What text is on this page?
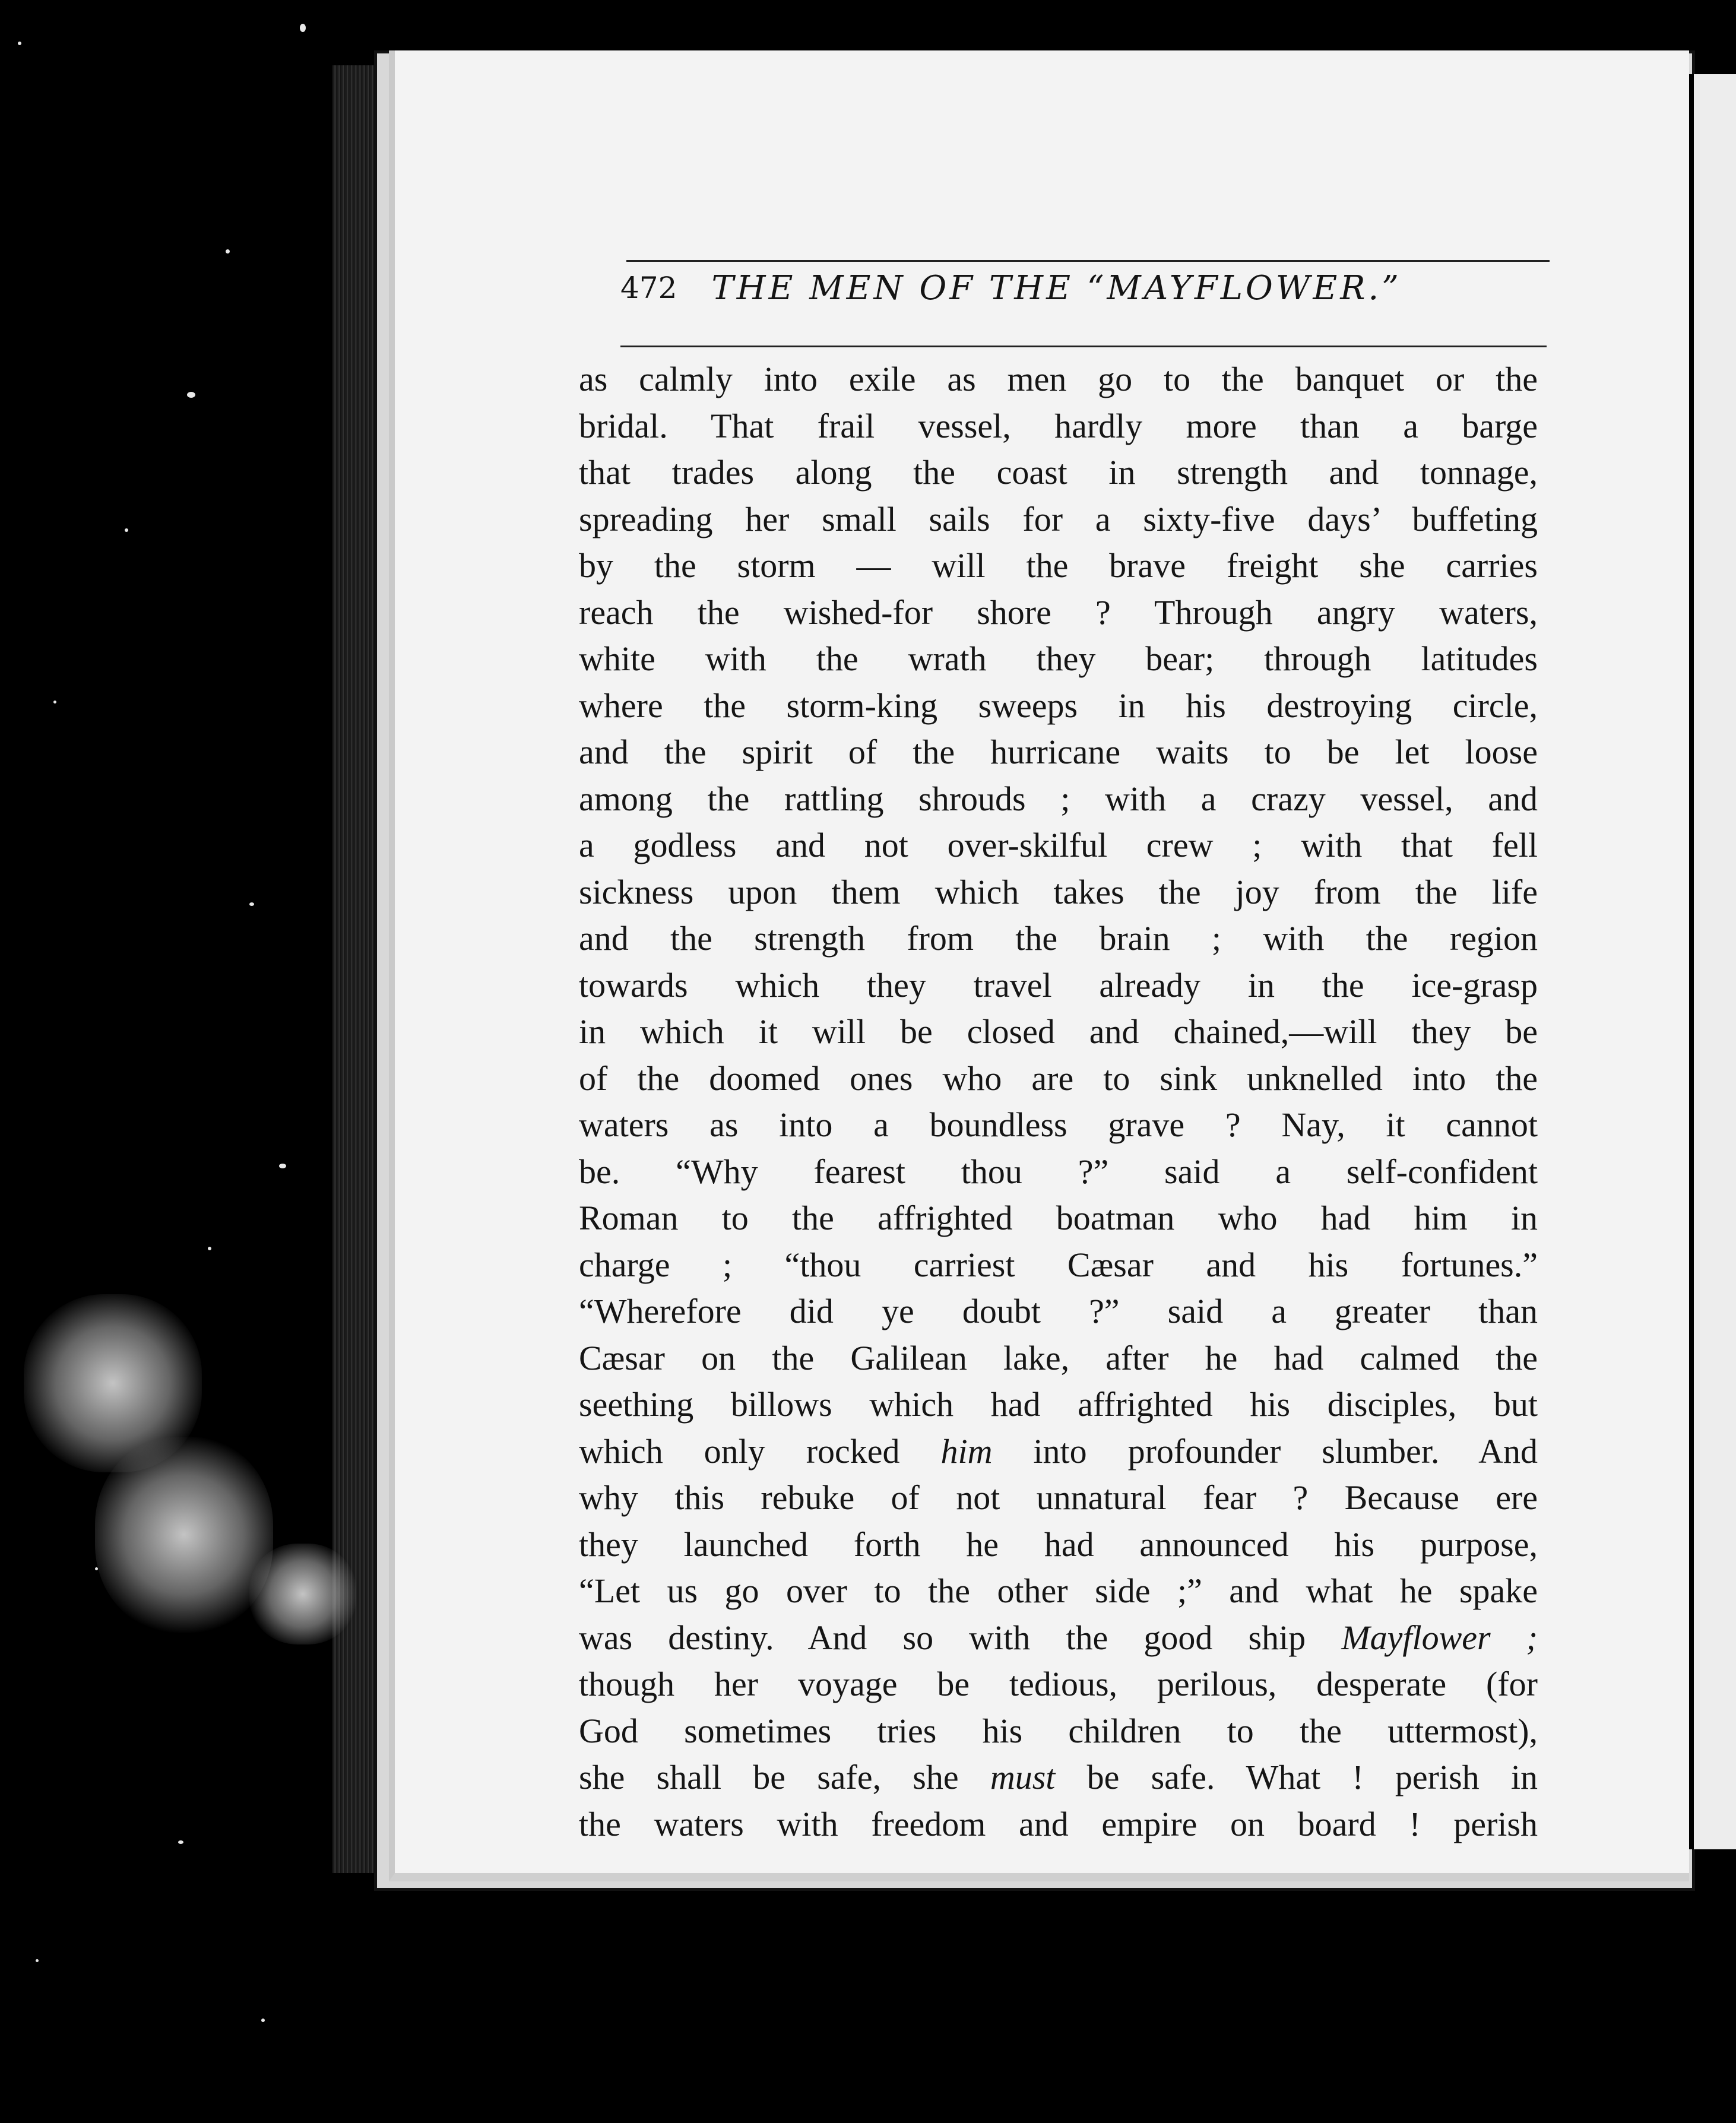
472 THE MEN OF THE “MAYFLOWER.”
as calmly into exile as men go to the banquet or the
bridal. That frail vessel, hardly more than a barge
that trades along the coast in strength and tonnage,
spreading her small sails for a sixty-five days’ buffeting
by the storm — will the brave freight she carries
reach the wished-for shore ? Through angry waters,
white with the wrath they bear; through latitudes
where the storm-king sweeps in his destroying circle,
and the spirit of the hurricane waits to be let loose
among the rattling shrouds ; with a crazy vessel, and
a godless and not over-skilful crew ; with that fell
sickness upon them which takes the joy from the life
and the strength from the brain ; with the region
towards which they travel already in the ice-grasp
in which it will be closed and chained,—will they be
of the doomed ones who are to sink unknelled into the
waters as into a boundless grave ? Nay, it cannot
be. “Why fearest thou ?” said a self-confident
Roman to the affrighted boatman who had him in
charge ; “thou carriest Cæsar and his fortunes.”
“Wherefore did ye doubt ?” said a greater than
Cæsar on the Galilean lake, after he had calmed the
seething billows which had affrighted his disciples, but
which only rocked him into profounder slumber. And
why this rebuke of not unnatural fear ? Because ere
they launched forth he had announced his purpose,
“Let us go over to the other side ;” and what he spake
was destiny. And so with the good ship Mayflower ;
though her voyage be tedious, perilous, desperate (for
God sometimes tries his children to the uttermost),
she shall be safe, she must be safe. What ! perish in
the waters with freedom and empire on board ! perish
